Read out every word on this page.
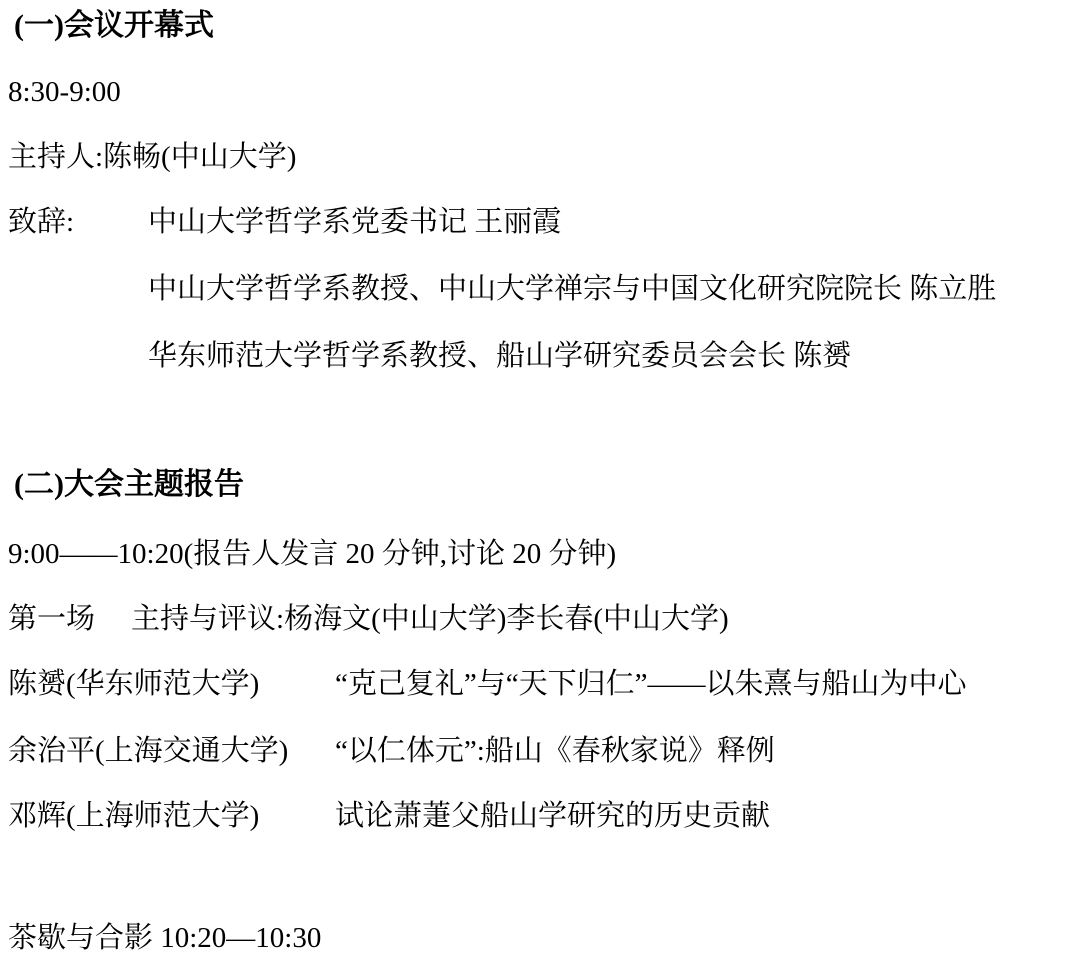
(一)会议开幕式
8:30-9:00
主持人:陈畅(中山大学)
致辞:	中山大学哲学系党委书记 王丽霞
中山大学哲学系教授、中山大学禅宗与中国文化研究院院长 陈立胜
华东师范大学哲学系教授、船山学研究委员会会长 陈赟
(二)大会主题报告
9:00——10:20(报告人发言 20 分钟,讨论 20 分钟)
第一场 主持与评议:杨海文(中山大学)李长春(中山大学)
陈赟(华东师范大学)	“克己复礼”与“天下归仁”——以朱熹与船山为中心
余治平(上海交通大学)	“以仁体元”:船山《春秋家说》释例
邓辉(上海师范大学)	试论萧萐父船山学研究的历史贡献
茶歇与合影 10:20—10:30
